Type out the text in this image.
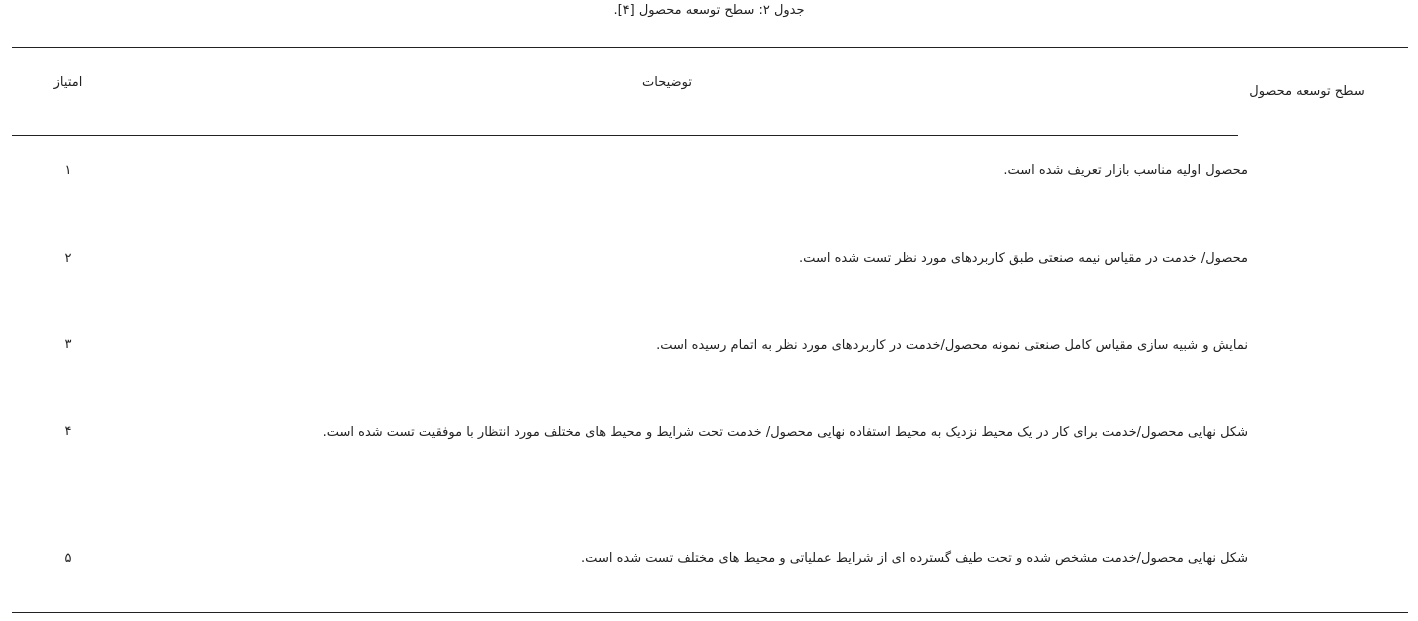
جدول ۲: سطح توسعه محصول [۴].
سطح توسعه محصول
توضیحات
امتیاز
محصول اولیه مناسب بازار تعریف شده است.
۱
محصول/ خدمت در مقیاس نیمه صنعتی طبق کاربردهای مورد نظر تست شده است.
۲
نمایش و شبیه سازی مقیاس کامل صنعتی نمونه محصول/خدمت در کاربردهای مورد نظر به اتمام رسیده است.
۳
شکل نهایی محصول/خدمت برای کار در یک محیط نزدیک به محیط استفاده نهایی محصول/ خدمت تحت شرایط و محیط های مختلف مورد انتظار با موفقیت تست شده است.
۴
شکل نهایی محصول/خدمت مشخص شده و تحت طیف گسترده ای از شرایط عملیاتی و محیط های مختلف تست شده است.
۵
